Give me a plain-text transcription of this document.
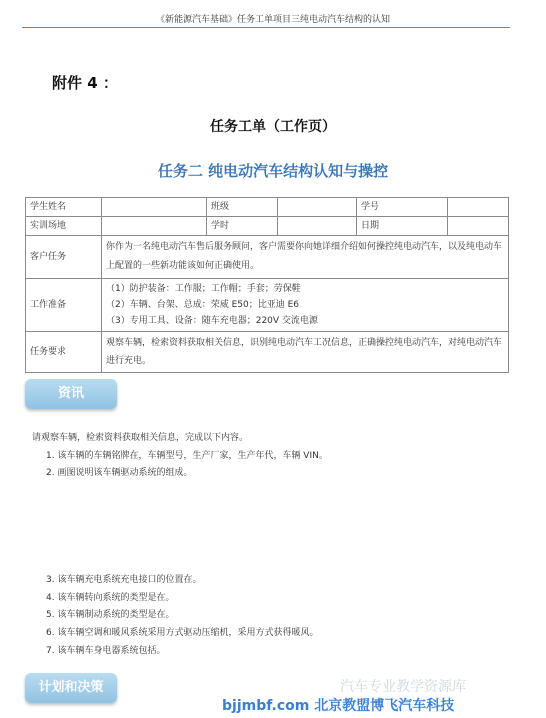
《新能源汽车基础》任务工单项目三纯电动汽车结构的认知
附件 4 ：
任务工单（工作页）
任务二 纯电动汽车结构认知与操控
学生姓名		班级		学号	
实训场地		学时		日期	
客户任务	你作为一名纯电动汽车售后服务顾问，客户需要你向她详细介绍如何操控纯电动汽车，以及纯电动车上配置的一些新功能该如何正确使用。				
工作准备	（1）防护装备：工作服；工作帽；手套；劳保鞋
（2）车辆、台架、总成：荣威 E50；比亚迪 E6
（3）专用工具、设备：随车充电器；220V 交流电源				

任务要求	观察车辆，检索资料获取相关信息，识别纯电动汽车工况信息，正确操控纯电动汽车，对纯电动汽车进行充电。				
资讯
请观察车辆，检索资料获取相关信息，完成以下内容。
1. 该车辆的车辆铭牌在，车辆型号，生产厂家，生产年代，车辆 VIN。
2. 画图说明该车辆驱动系统的组成。
3. 该车辆充电系统充电接口的位置在。
4. 该车辆转向系统的类型是在。
5. 该车辆制动系统的类型是在。
6. 该车辆空调和暖风系统采用方式驱动压缩机，采用方式获得暖风。
7. 该车辆车身电器系统包括。
计划和决策	汽车专业教学资源库
bjjmbf.com 北京教盟博飞汽车科技
